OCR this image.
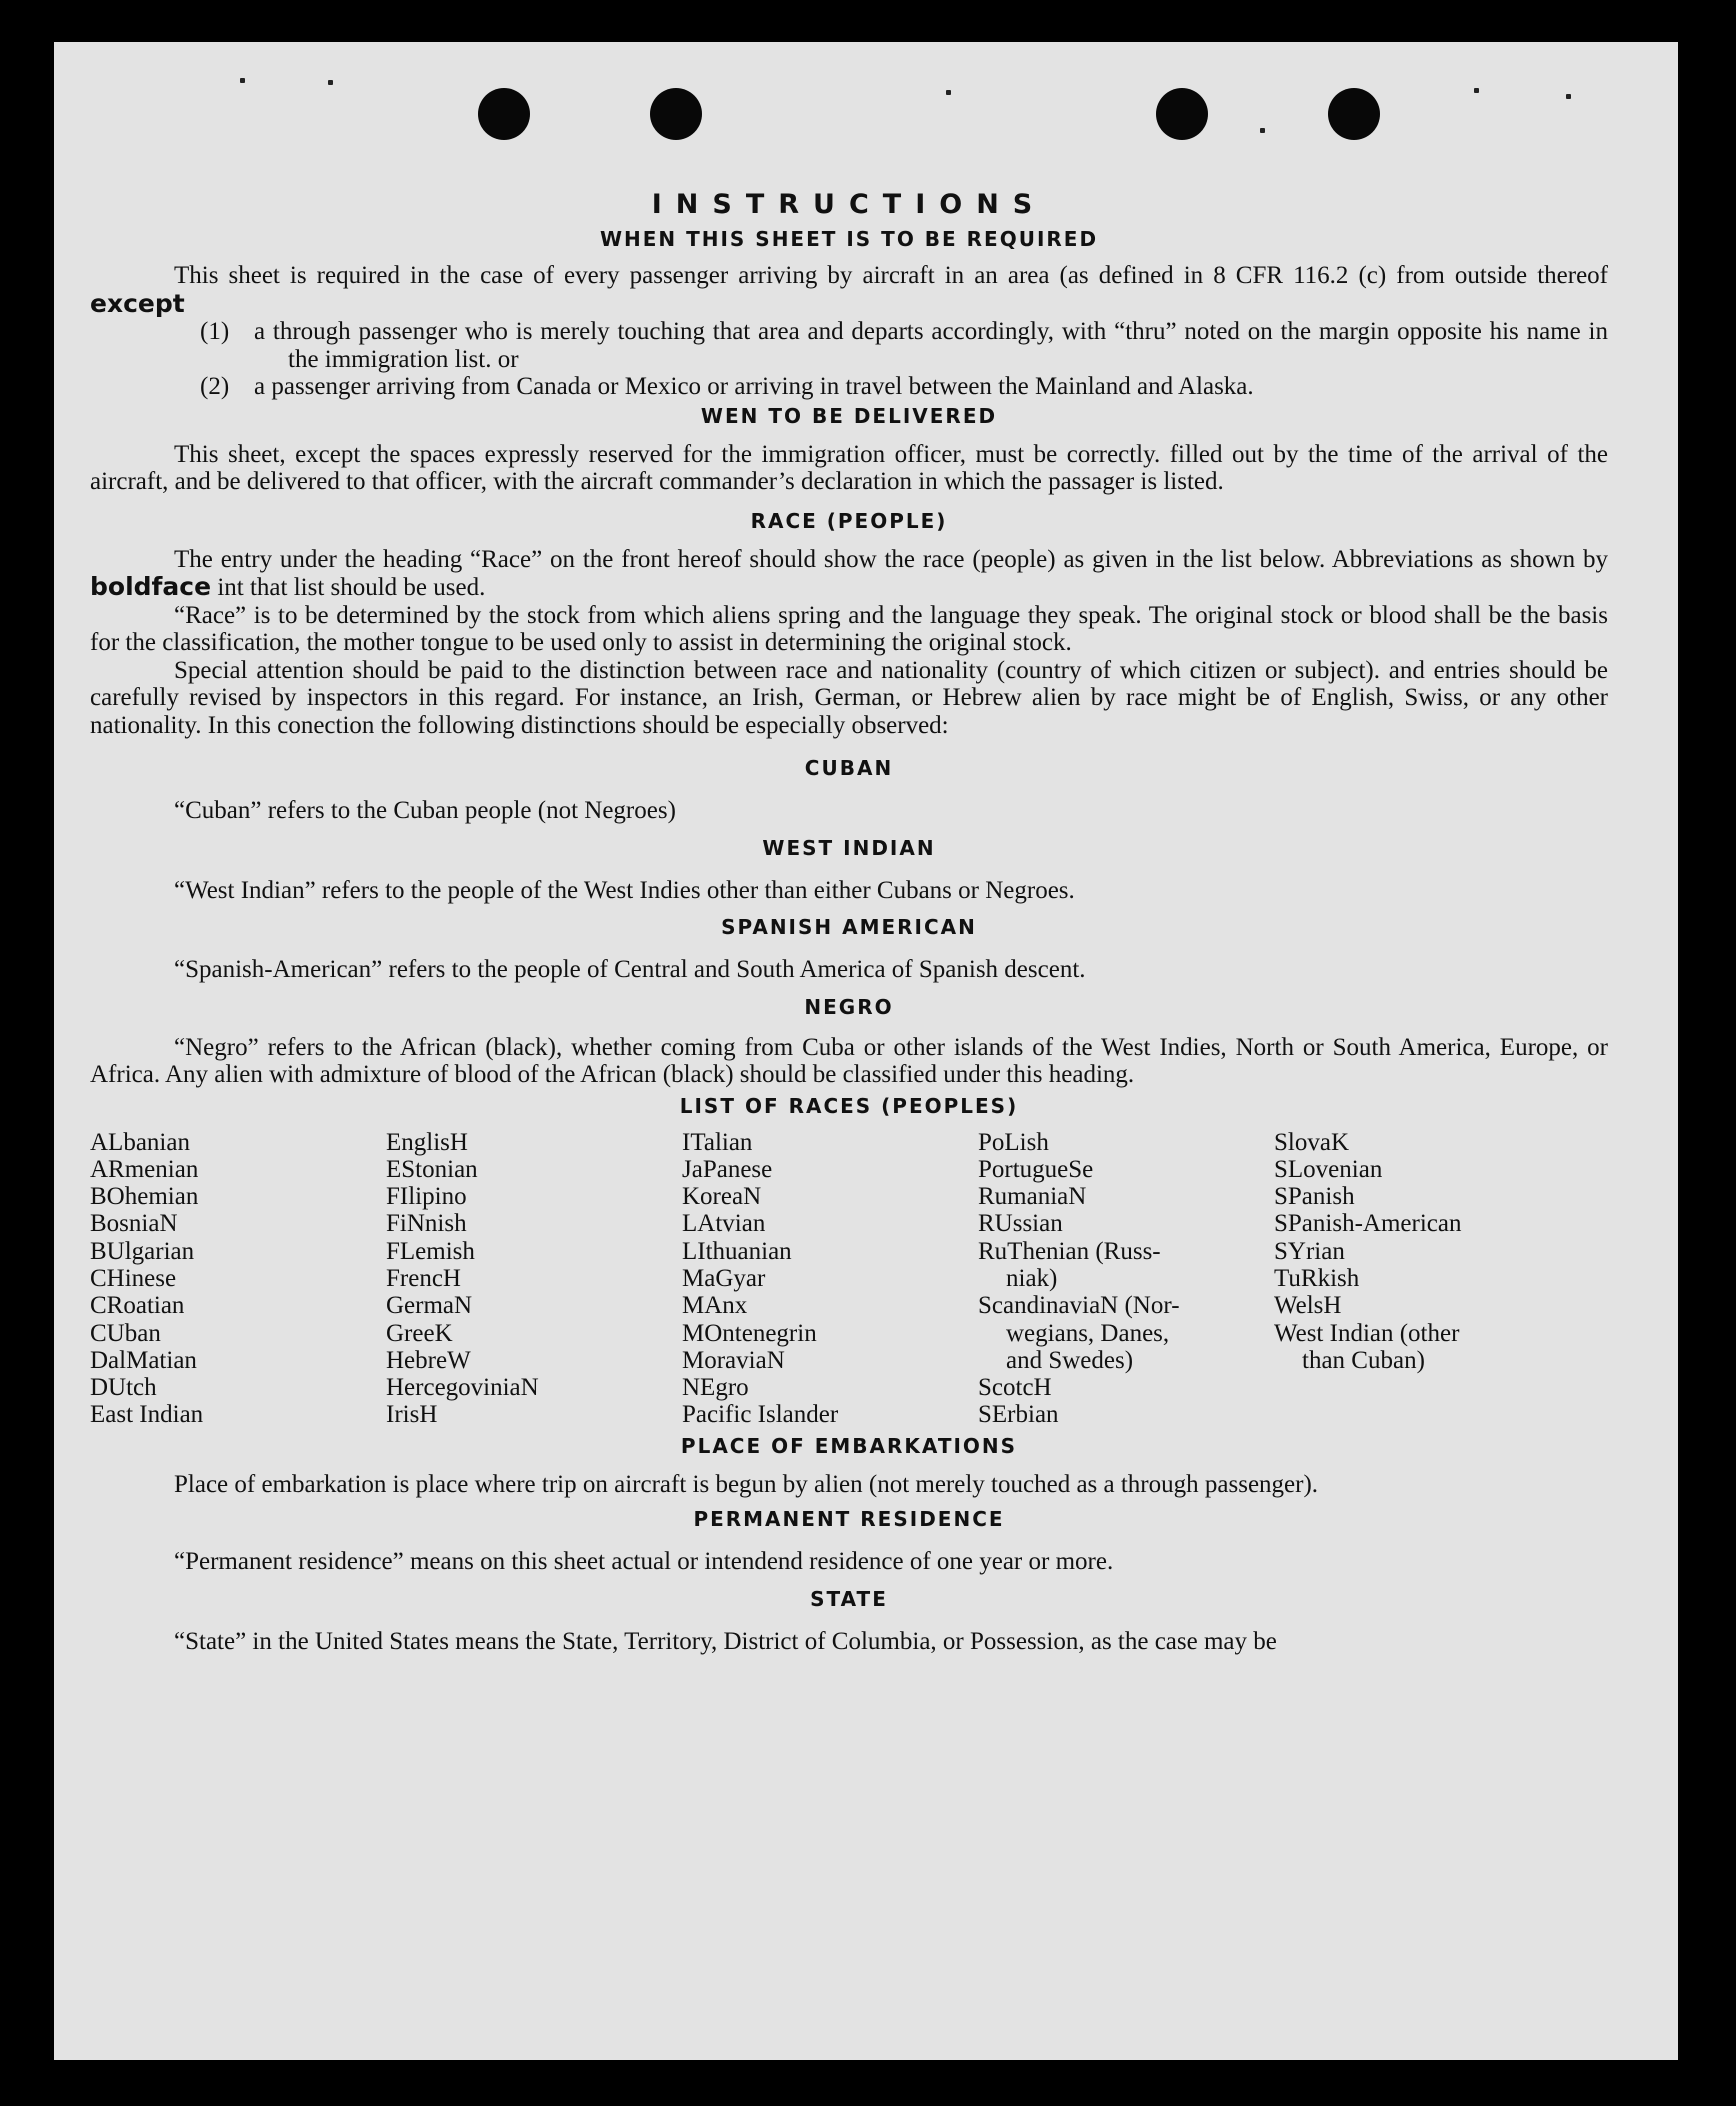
INSTRUCTIONS
WHEN THIS SHEET IS TO BE REQUIRED
This sheet is required in the case of every passenger arriving by aircraft in an area (as defined in 8 CFR 116.2 (c) from outside thereof except
(1) a through passenger who is merely touching that area and departs accordingly, with “thru” noted on the margin opposite his name in the immigration list. or
(2) a passenger arriving from Canada or Mexico or arriving in travel between the Mainland and Alaska.
WEN TO BE DELIVERED
This sheet, except the spaces expressly reserved for the immigration officer, must be correctly. filled out by the time of the arrival of the aircraft, and be delivered to that officer, with the aircraft commander’s declaration in which the passager is listed.
RACE (PEOPLE)
The entry under the heading “Race” on the front hereof should show the race (people) as given in the list below. Abbreviations as shown by boldface int that list should be used.
“Race” is to be determined by the stock from which aliens spring and the language they speak. The original stock or blood shall be the basis for the classification, the mother tongue to be used only to assist in determining the original stock.
Special attention should be paid to the distinction between race and nationality (country of which citizen or subject). and entries should be carefully revised by inspectors in this regard. For instance, an Irish, German, or Hebrew alien by race might be of English, Swiss, or any other nationality. In this conection the following distinctions should be especially observed:
CUBAN
“Cuban” refers to the Cuban people (not Negroes)
WEST INDIAN
“West Indian” refers to the people of the West Indies other than either Cubans or Negroes.
SPANISH AMERICAN
“Spanish-American” refers to the people of Central and South America of Spanish descent.
NEGRO
“Negro” refers to the African (black), whether coming from Cuba or other islands of the West Indies, North or South America, Europe, or Africa. Any alien with admixture of blood of the African (black) should be classified under this heading.
LIST OF RACES (PEOPLES)
ALbanian
ARmenian
BOhemian
BosniaN
BUlgarian
CHinese
CRoatian
CUban
DalMatian
DUtch
East Indian
EnglisH
EStonian
FIlipino
FiNnish
FLemish
FrencH
GermaN
GreeK
HebreW
HercegoviniaN
IrisH
ITalian
JaPanese
KoreaN
LAtvian
LIthuanian
MaGyar
MAnx
MOntenegrin
MoraviaN
NEgro
Pacific Islander
PoLish
PortugueSe
RumaniaN
RUssian
RuThenian (Russ-
niak)
ScandinaviaN (Nor-
wegians, Danes,
and Swedes)
ScotcH
SErbian
SlovaK
SLovenian
SPanish
SPanish-American
SYrian
TuRkish
WelsH
West Indian (other
than Cuban)
PLACE OF EMBARKATIONS
Place of embarkation is place where trip on aircraft is begun by alien (not merely touched as a through passenger).
PERMANENT RESIDENCE
“Permanent residence” means on this sheet actual or intendend residence of one year or more.
STATE
“State” in the United States means the State, Territory, District of Columbia, or Possession, as the case may be
